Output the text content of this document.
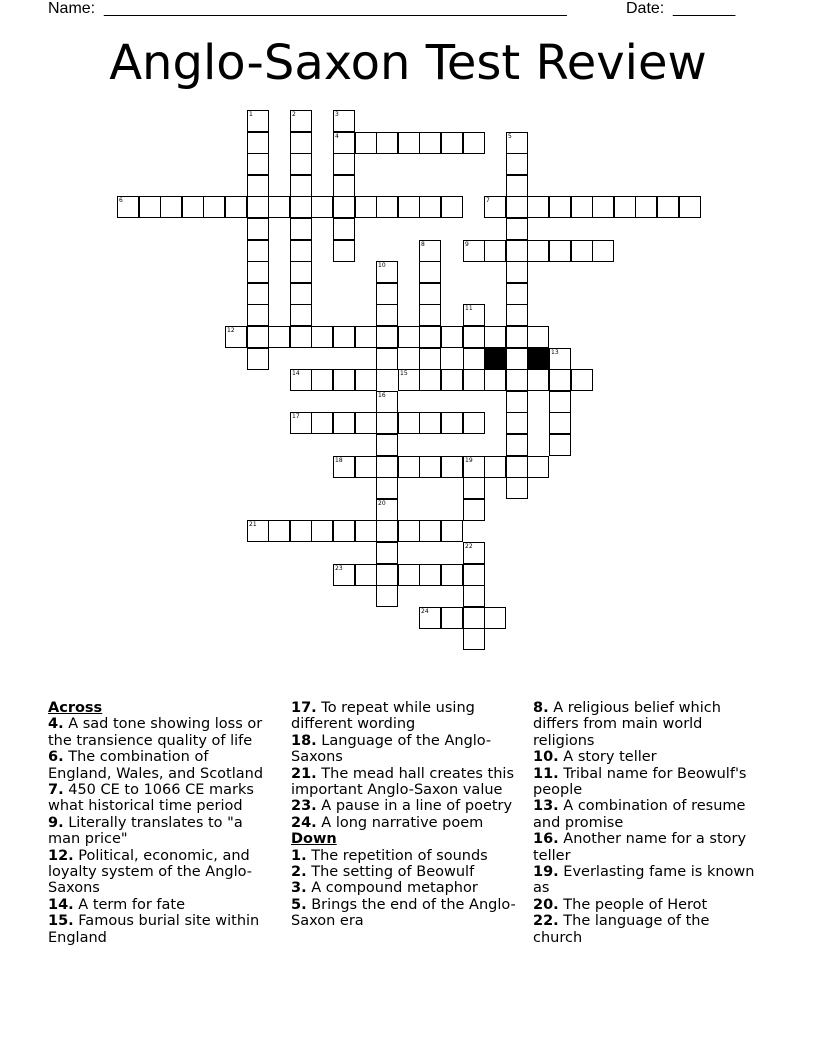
Name: ____________________________________________________	Date: _______
Anglo-Saxon Test Review
1	2	3
4	5
6	7
8	9
10
11
12
13
14	15
16
17
18	19
20
21
22
23
24
Across
4. A sad tone showing loss or the transience quality of life
6. The combination of England, Wales, and Scotland
7. 450 CE to 1066 CE marks what historical time period
9. Literally translates to "a man price"
12. Political, economic, and loyalty system of the Anglo-Saxons
14. A term for fate
15. Famous burial site within England
17. To repeat while using different wording
18. Language of the Anglo-Saxons
21. The mead hall creates this important Anglo-Saxon value
23. A pause in a line of poetry
24. A long narrative poem
Down
1. The repetition of sounds
2. The setting of Beowulf
3. A compound metaphor
5. Brings the end of the Anglo-Saxon era
8. A religious belief which differs from main world religions
10. A story teller
11. Tribal name for Beowulf's people
13. A combination of resume and promise
16. Another name for a story teller
19. Everlasting fame is known as
20. The people of Herot
22. The language of the church
